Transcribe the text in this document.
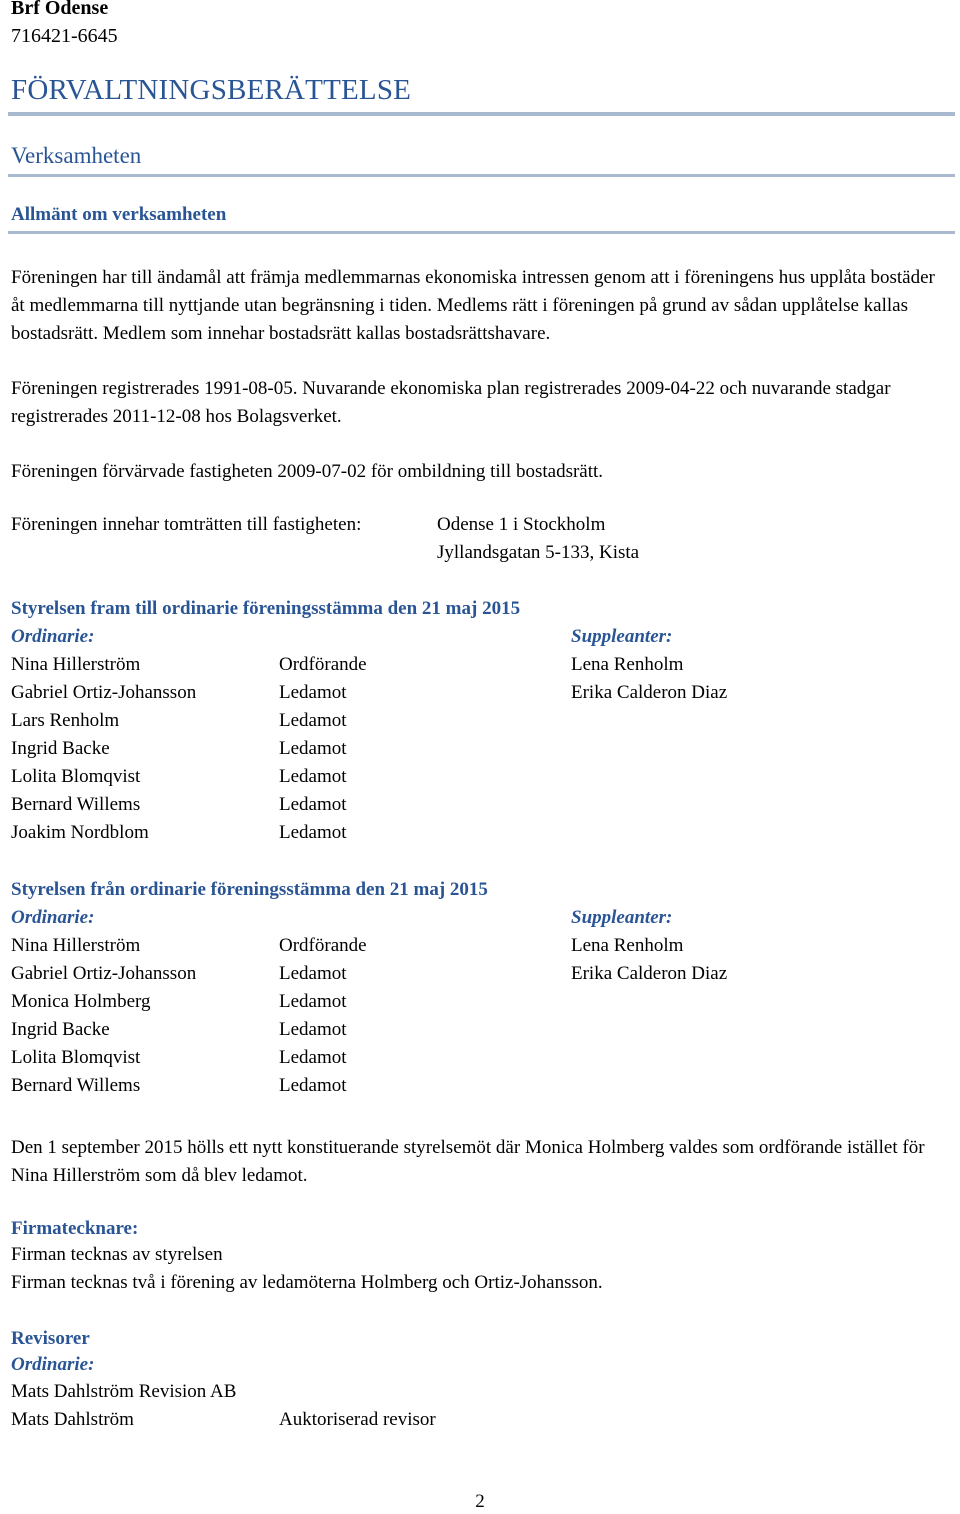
Brf Odense
716421-6645
FÖRVALTNINGSBERÄTTELSE
Verksamheten
Allmänt om verksamheten
Föreningen har till ändamål att främja medlemmarnas ekonomiska intressen genom att i föreningens hus upplåta bostäder åt medlemmarna till nyttjande utan begränsning i tiden. Medlems rätt i föreningen på grund av sådan upplåtelse kallas bostadsrätt. Medlem som innehar bostadsrätt kallas bostadsrättshavare.
Föreningen registrerades 1991-08-05. Nuvarande ekonomiska plan registrerades 2009-04-22 och nuvarande stadgar registrerades 2011-12-08 hos Bolagsverket.
Föreningen förvärvade fastigheten 2009-07-02 för ombildning till bostadsrätt.
Föreningen innehar tomträtten till fastigheten:	Odense 1 i Stockholm
Jyllandsgatan 5-133, Kista
Styrelsen fram till ordinarie föreningsstämma den 21 maj 2015
Ordinarie:	Suppleanter:
Nina Hillerström	Ordförande	Lena Renholm
Gabriel Ortiz-Johansson	Ledamot	Erika Calderon Diaz
Lars Renholm	Ledamot
Ingrid Backe	Ledamot
Lolita Blomqvist	Ledamot
Bernard Willems	Ledamot
Joakim Nordblom	Ledamot
Styrelsen från ordinarie föreningsstämma den 21 maj 2015
Ordinarie:	Suppleanter:
Nina Hillerström	Ordförande	Lena Renholm
Gabriel Ortiz-Johansson	Ledamot	Erika Calderon Diaz
Monica Holmberg	Ledamot
Ingrid Backe	Ledamot
Lolita Blomqvist	Ledamot
Bernard Willems	Ledamot
Den 1 september 2015 hölls ett nytt konstituerande styrelsemöt där Monica Holmberg valdes som ordförande istället för Nina Hillerström som då blev ledamot.
Firmatecknare:
Firman tecknas av styrelsen
Firman tecknas två i förening av ledamöterna Holmberg och Ortiz-Johansson.
Revisorer
Ordinarie:
Mats Dahlström Revision AB
Mats Dahlström	Auktoriserad revisor
2
